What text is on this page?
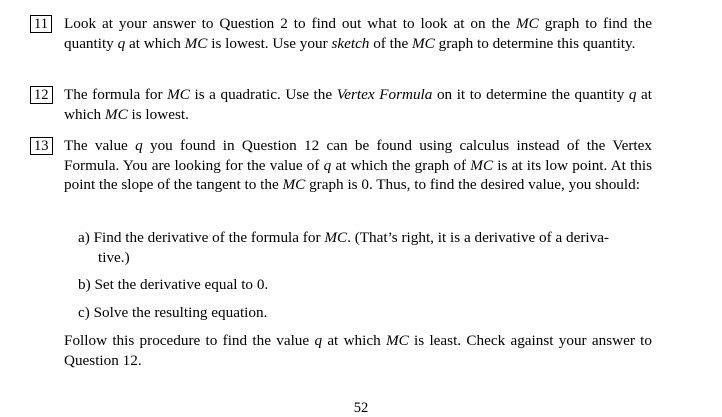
11 Look at your answer to Question 2 to find out what to look at on the MC graph to find the quantity q at which MC is lowest. Use your sketch of the MC graph to determine this quantity.
12 The formula for MC is a quadratic. Use the Vertex Formula on it to determine the quantity q at which MC is lowest.
13 The value q you found in Question 12 can be found using calculus instead of the Vertex Formula. You are looking for the value of q at which the graph of MC is at its low point. At this point the slope of the tangent to the MC graph is 0. Thus, to find the desired value, you should:
a) Find the derivative of the formula for MC. (That’s right, it is a derivative of a deriva-
tive.)
b) Set the derivative equal to 0.
c) Solve the resulting equation.
Follow this procedure to find the value q at which MC is least. Check against your answer to Question 12.
52
